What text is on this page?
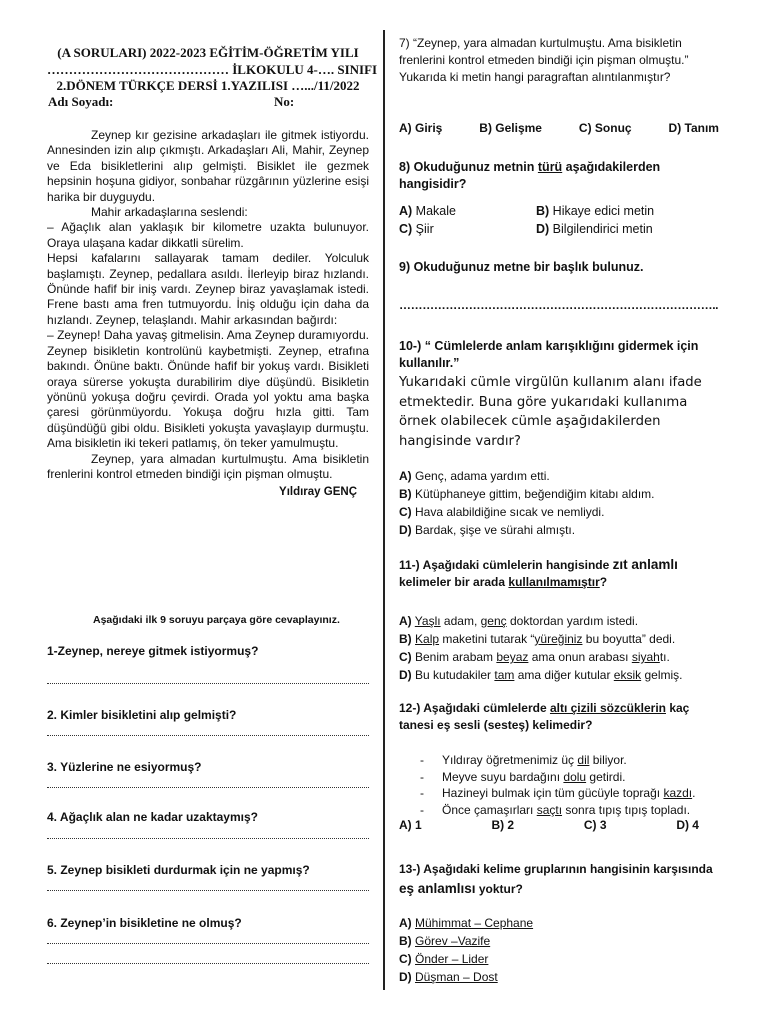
(A SORULARI) 2022-2023 EĞİTİM-ÖĞRETİM YILI
…………………………………… İLKOKULU 4-…. SINIFI
2.DÖNEM TÜRKÇE DERSİ 1.YAZILISI ….../11/2022
Adı Soyadı:	No:

Zeynep kır gezisine arkadaşları ile gitmek istiyordu. Annesinden izin alıp çıkmıştı. Arkadaşları Ali, Mahir, Zeynep ve Eda bisikletlerini alıp gelmişti. Bisiklet ile gezmek hepsinin hoşuna gidiyor, sonbahar rüzgârının yüzlerine esişi harika bir duyguydu.

Mahir arkadaşlarına seslendi:

– Ağaçlık alan yaklaşık bir kilometre uzakta bulunuyor. Oraya ulaşana kadar dikkatli sürelim.

Hepsi kafalarını sallayarak tamam dediler. Yolculuk başlamıştı. Zeynep, pedallara asıldı. İlerleyip biraz hızlandı. Önünde hafif bir iniş vardı. Zeynep biraz yavaşlamak istedi. Frene bastı ama fren tutmuyordu. İniş olduğu için daha da hızlandı. Zeynep, telaşlandı. Mahir arkasından bağırdı:

– Zeynep! Daha yavaş gitmelisin. Ama Zeynep duramıyordu. Zeynep bisikletin kontrolünü kaybetmişti. Zeynep, etrafına bakındı. Önüne baktı. Önünde hafif bir yokuş vardı. Bisikleti oraya sürerse yokuşta durabilirim diye düşündü. Bisikletin yönünü yokuşa doğru çevirdi. Orada yol yoktu ama başka çaresi görünmüyordu. Yokuşa doğru hızla gitti. Tam düşündüğü gibi oldu. Bisikleti yokuşta yavaşlayıp durmuştu. Ama bisikletin iki tekeri patlamış, ön teker yamulmuştu.

Zeynep, yara almadan kurtulmuştu. Ama bisikletin frenlerini kontrol etmeden bindiği için pişman olmuştu.

Yıldıray GENÇ

Aşağıdaki ilk 9 soruyu parçaya göre cevaplayınız.
1-Zeynep, nereye gitmek istiyormuş?
2. Kimler bisikletini alıp gelmişti?
3. Yüzlerine ne esiyormuş?
4. Ağaçlık alan ne kadar uzaktaymış?
5. Zeynep bisikleti durdurmak için ne yapmış?
6. Zeynep’in bisikletine ne olmuş?
7) “Zeynep, yara almadan kurtulmuştu. Ama bisikletin frenlerini kontrol etmeden bindiği için pişman olmuştu.”
Yukarıda ki metin hangi paragraftan alıntılanmıştır?
A) Giriş	B) Gelişme	C) Sonuç	D) Tanım
8) Okuduğunuz metnin türü aşağıdakilerden hangisidir?
A) Makale	B) Hikaye edici metin
C) Şiir	D) Bilgilendirici metin
9) Okuduğunuz metne bir başlık bulunuz.
………………………………………………………………………..
10-) “ Cümlelerde anlam karışıklığını gidermek için kullanılır.”
Yukarıdaki cümle virgülün kullanım alanı ifade etmektedir. Buna göre yukarıdaki kullanıma örnek olabilecek cümle aşağıdakilerden hangisinde vardır?
A) Genç, adama yardım etti.
B) Kütüphaneye gittim, beğendiğim kitabı aldım.
C) Hava alabildiğine sıcak ve nemliydi.
D) Bardak, şişe ve sürahi almıştı.
11-) Aşağıdaki cümlelerin hangisinde zıt anlamlı kelimeler bir arada kullanılmamıştır?
A) Yaşlı adam, genç doktordan yardım istedi.
B) Kalp maketini tutarak “yüreğiniz bu boyutta” dedi.
C) Benim arabam beyaz ama onun arabası siyahtı.
D) Bu kutudakiler tam ama diğer kutular eksik gelmiş.
12-) Aşağıdaki cümlelerde altı çizili sözcüklerin kaç tanesi eş sesli (sesteş) kelimedir?
- Yıldıray öğretmenimiz üç dil biliyor.
- Meyve suyu bardağını dolu getirdi.
- Hazineyi bulmak için tüm gücüyle toprağı kazdı.
- Önce çamaşırları saçtı sonra tıpış tıpış topladı.
A) 1	B) 2	C) 3	D) 4
13-) Aşağıdaki kelime gruplarının hangisinin karşısında eş anlamlısı yoktur?
A) Mühimmat – Cephane
B) Görev –Vazife
C) Önder – Lider
D) Düşman – Dost
